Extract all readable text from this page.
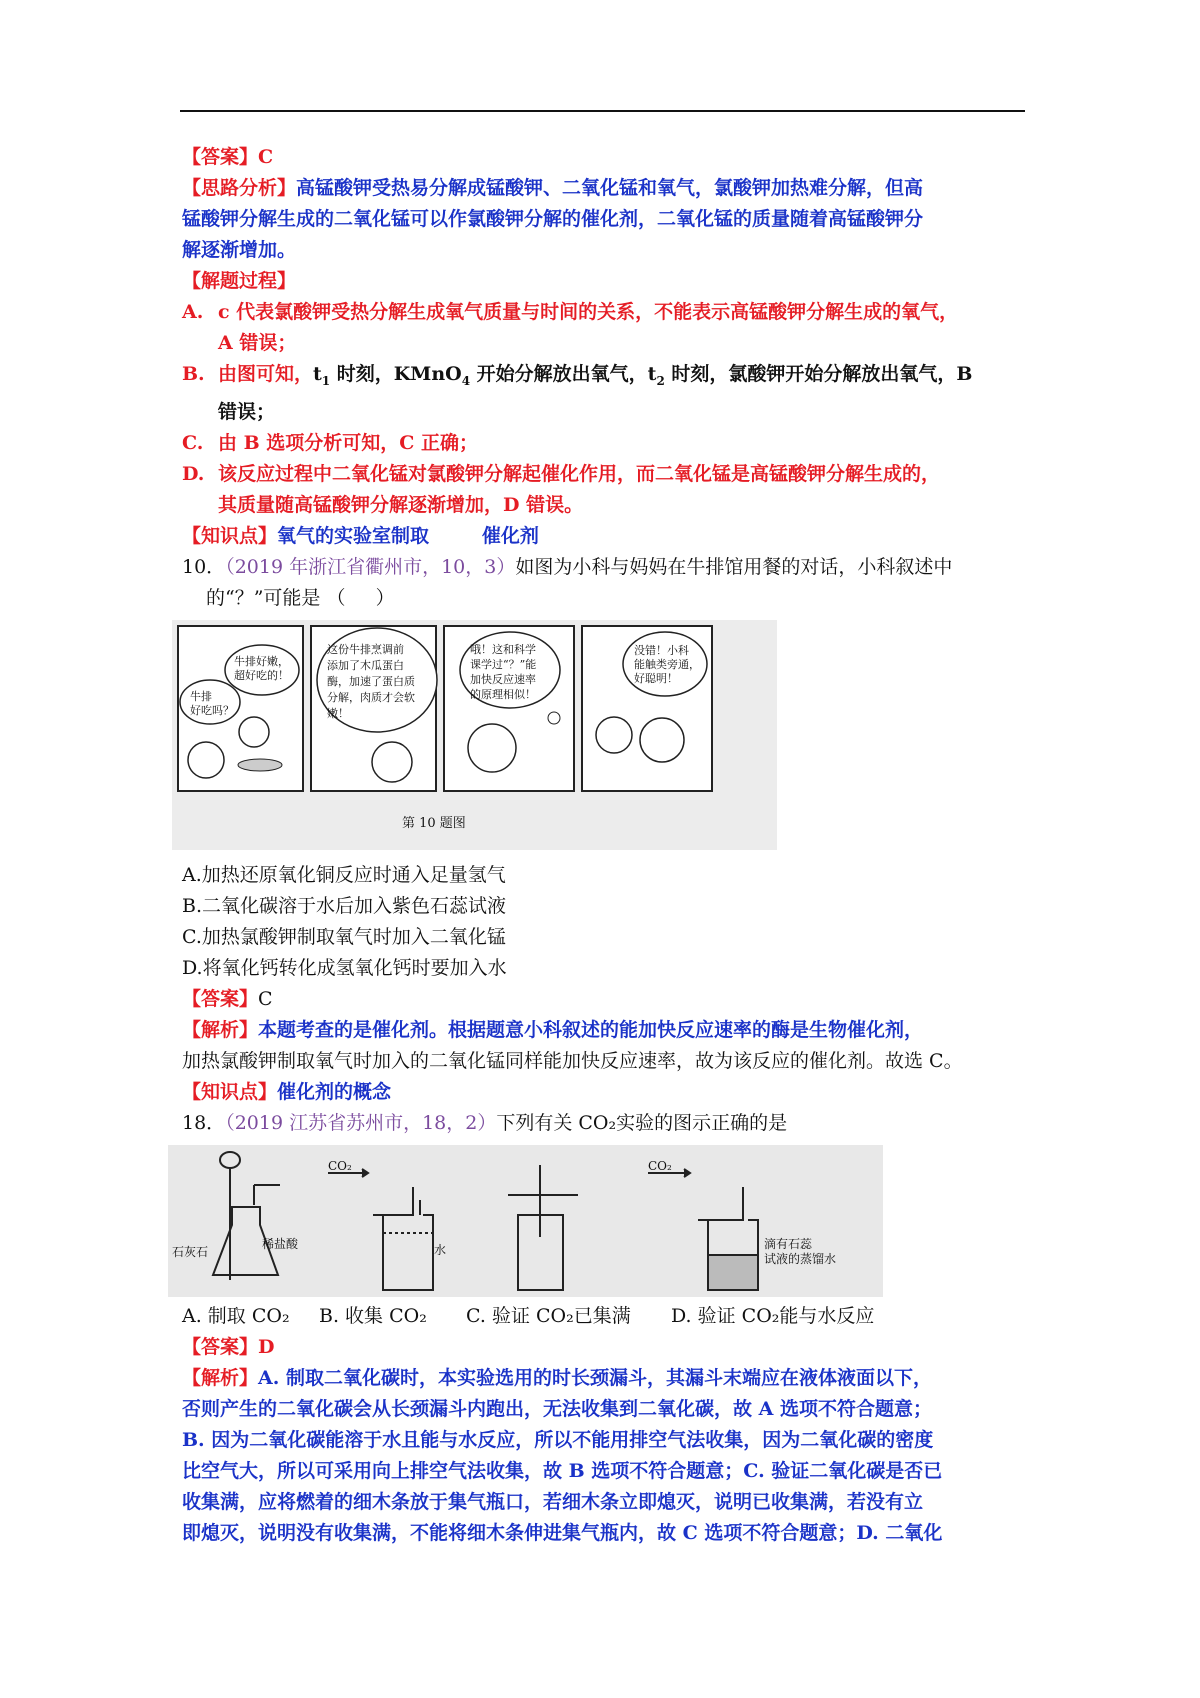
【答案】C
【思路分析】高锰酸钾受热易分解成锰酸钾、二氧化锰和氧气，氯酸钾加热难分解，但高
锰酸钾分解生成的二氧化锰可以作氯酸钾分解的催化剂，二氧化锰的质量随着高锰酸钾分
解逐渐增加。
【解题过程】
A. c 代表氯酸钾受热分解生成氧气质量与时间的关系，不能表示高锰酸钾分解生成的氧气，
A 错误；
B. 由图可知，$t_1$ 时刻，KMnO$_4$ 开始分解放出氧气，$t_2$ 时刻，氯酸钾开始分解放出氧气，B
错误；
C. 由 B 选项分析可知，C 正确；
D. 该反应过程中二氧化锰对氯酸钾分解起催化作用，而二氧化锰是高锰酸钾分解生成的，
其质量随高锰酸钾分解逐渐增加，D 错误。
【知识点】氧气的实验室制取        催化剂
10．（2019 年浙江省衢州市，10，3）如图为小科与妈妈在牛排馆用餐的对话，小科叙述中
的“？”可能是 （     ）
牛排好嫩，
超好吃的！
牛排
好吃吗？
这份牛排烹调前
添加了木瓜蛋白
酶，加速了蛋白质
分解，肉质才会软
嫩！
哦！这和科学
课学过“？”能
加快反应速率
的原理相似！
没错！小科
能触类旁通，
好聪明！
第 10 题图
A.加热还原氧化铜反应时通入足量氢气
B.二氧化碳溶于水后加入紫色石蕊试液
C.加热氯酸钾制取氧气时加入二氧化锰
D.将氧化钙转化成氢氧化钙时要加入水
【答案】C
【解析】本题考查的是催化剂。根据题意小科叙述的能加快反应速率的酶是生物催化剂，
加热氯酸钾制取氧气时加入的二氧化锰同样能加快反应速率，故为该反应的催化剂。故选 C。
【知识点】催化剂的概念
18．（2019 江苏省苏州市，18，2）下列有关 CO₂实验的图示正确的是
石灰石
稀盐酸
CO₂
水
CO₂
滴有石蕊
试液的蒸馏水
A. 制取 CO₂	B. 收集 CO₂	C. 验证 CO₂已集满	D. 验证 CO₂能与水反应
【答案】D
【解析】A. 制取二氧化碳时，本实验选用的时长颈漏斗，其漏斗末端应在液体液面以下，
否则产生的二氧化碳会从长颈漏斗内跑出，无法收集到二氧化碳，故 A 选项不符合题意；
B. 因为二氧化碳能溶于水且能与水反应，所以不能用排空气法收集，因为二氧化碳的密度
比空气大，所以可采用向上排空气法收集，故 B 选项不符合题意；C. 验证二氧化碳是否已
收集满，应将燃着的细木条放于集气瓶口，若细木条立即熄灭，说明已收集满，若没有立
即熄灭，说明没有收集满，不能将细木条伸进集气瓶内，故 C 选项不符合题意；D. 二氧化
